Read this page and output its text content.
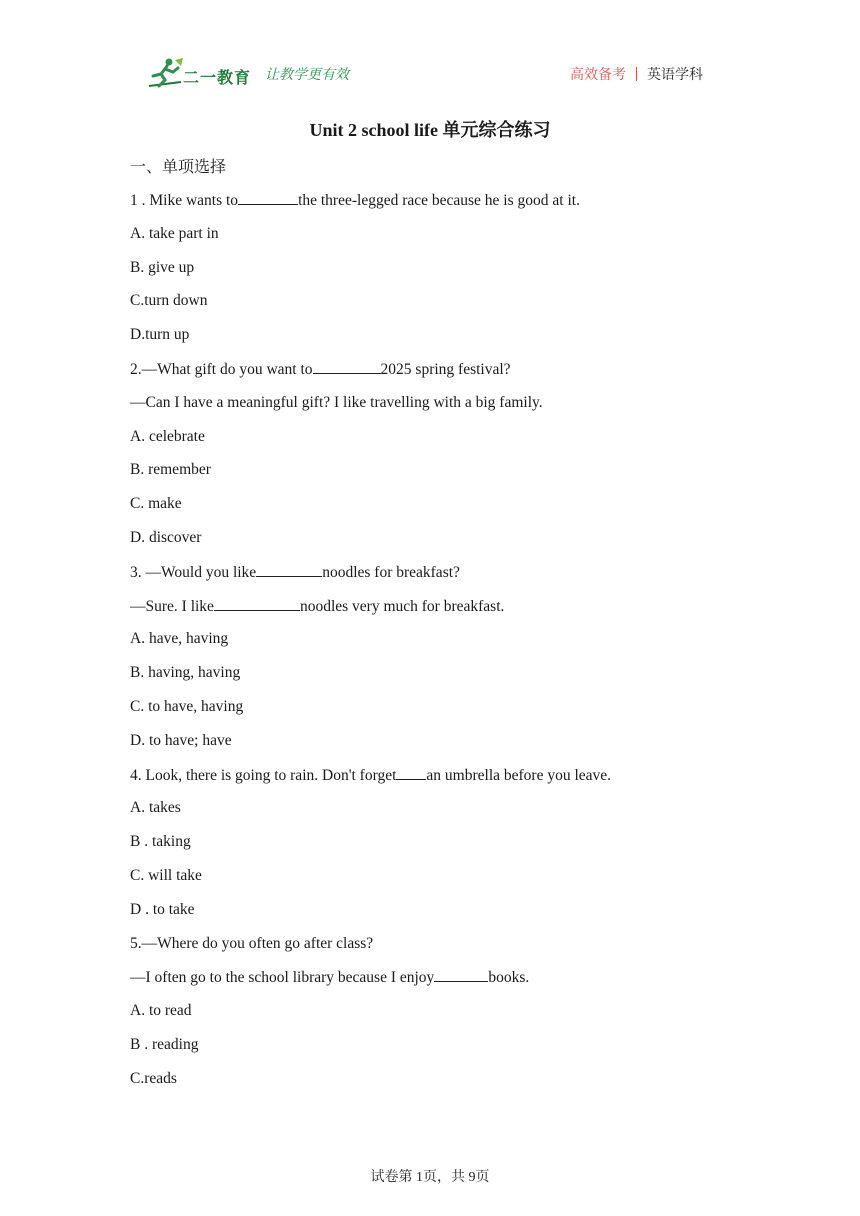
二一教育 让教学更有效	高效备考 英语学科
Unit 2 school life 单元综合练习
一、单项选择
1 . Mike wants to	the three-legged race because he is good at it.
A. take part in
B. give up
C.turn down
D.turn up
2.—What gift do you want to	2025 spring festival?
—Can I have a meaningful gift? I like travelling with a big family.
A. celebrate
B. remember
C. make
D. discover
3. —Would you like	noodles for breakfast?
—Sure. I like	noodles very much for breakfast.
A. have, having
B. having, having
C. to have, having
D. to have; have
4. Look, there is going to rain. Don't forget an umbrella before you leave.
A. takes
B . taking
C. will take
D . to take
5.—Where do you often go after class?
—I often go to the school library because I enjoy	books.
A. to read
B . reading
C.reads
试卷第 1页，共 9页
